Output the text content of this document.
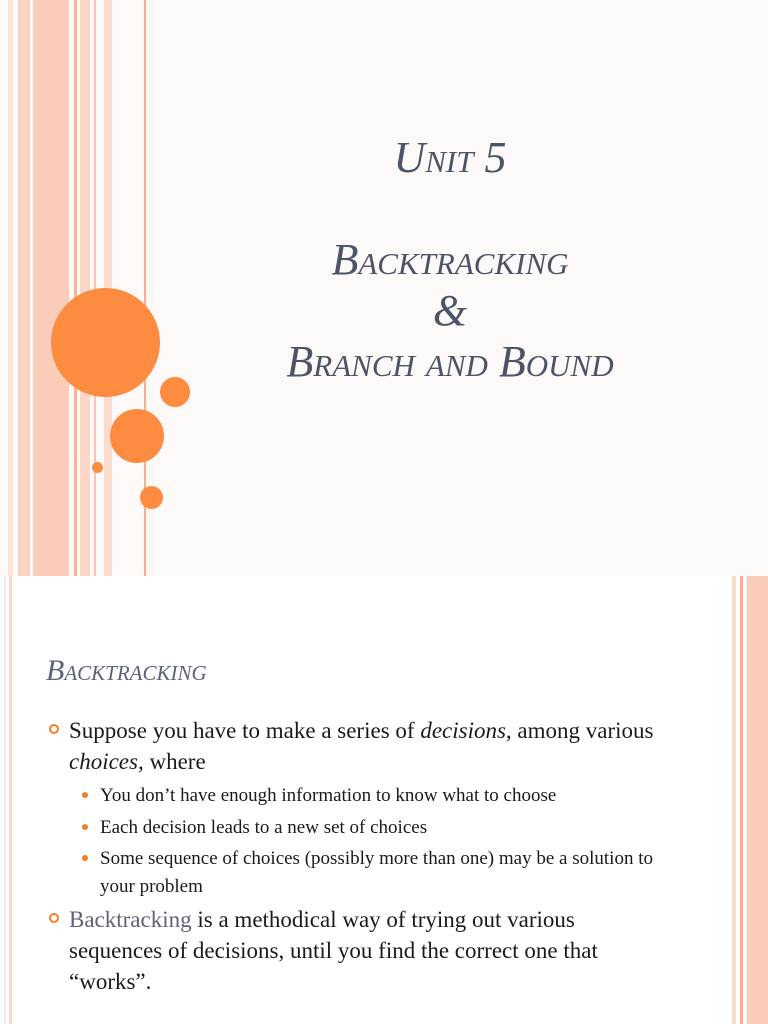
Unit 5
Backtracking
&
Branch and Bound
Backtracking

Suppose you have to make a series of decisions, among various choices, where

You don’t have enough information to know what to choose

Each decision leads to a new set of choices

Some sequence of choices (possibly more than one) may be a solution to your problem

Backtracking is a methodical way of trying out various sequences of decisions, until you find the correct one that “works”.
